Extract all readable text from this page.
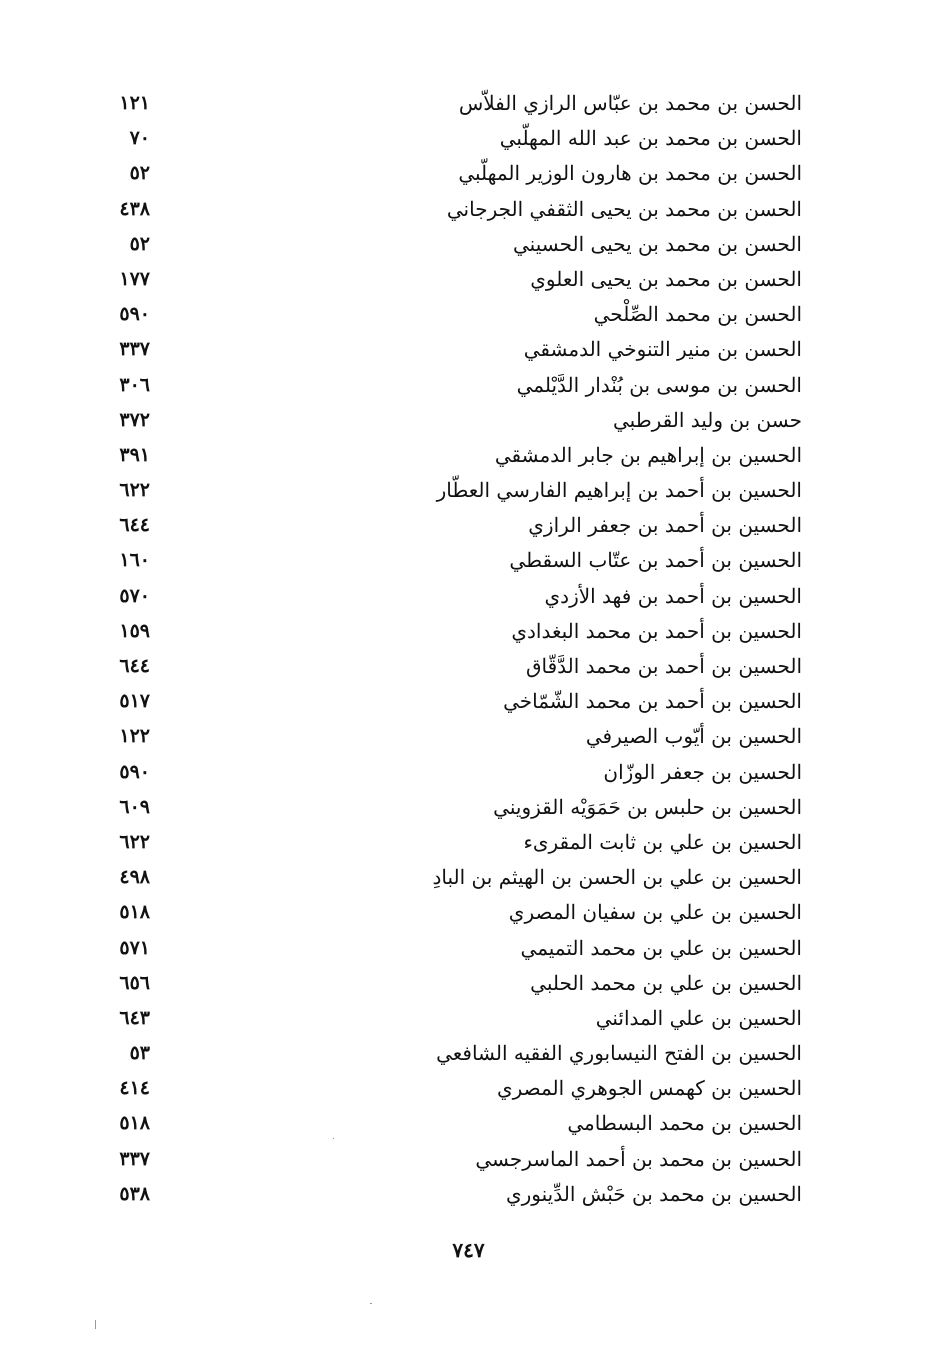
الحسن بن محمد بن عبّاس الرازي الفلاّس
١٢١
الحسن بن محمد بن عبد الله المهلّبي
٧٠
الحسن بن محمد بن هارون الوزير المهلّبي
٥٢
الحسن بن محمد بن يحيى الثقفي الجرجاني
٤٣٨
الحسن بن محمد بن يحيى الحسيني
٥٢
الحسن بن محمد بن يحيى العلوي
١٧٧
الحسن بن محمد الصِّلْحي
٥٩٠
الحسن بن منير التنوخي الدمشقي
٣٣٧
الحسن بن موسى بن بُنْدار الدَّيْلمي
٣٠٦
حسن بن وليد القرطبي
٣٧٢
الحسين بن إبراهيم بن جابر الدمشقي
٣٩١
الحسين بن أحمد بن إبراهيم الفارسي العطّار
٦٢٢
الحسين بن أحمد بن جعفر الرازي
٦٤٤
الحسين بن أحمد بن عتّاب السقطي
١٦٠
الحسين بن أحمد بن فهد الأزدي
٥٧٠
الحسين بن أحمد بن محمد البغدادي
١٥٩
الحسين بن أحمد بن محمد الدَّقّاق
٦٤٤
الحسين بن أحمد بن محمد الشّمّاخي
٥١٧
الحسين بن أيّوب الصيرفي
١٢٢
الحسين بن جعفر الوزّان
٥٩٠
الحسين بن حلبس بن حَمَوَيْه القزويني
٦٠٩
الحسين بن علي بن ثابت المقرىء
٦٢٢
الحسين بن علي بن الحسن بن الهيثم بن البادِ
٤٩٨
الحسين بن علي بن سفيان المصري
٥١٨
الحسين بن علي بن محمد التميمي
٥٧١
الحسين بن علي بن محمد الحلبي
٦٥٦
الحسين بن علي المدائني
٦٤٣
الحسين بن الفتح النيسابوري الفقيه الشافعي
٥٣
الحسين بن كهمس الجوهري المصري
٤١٤
الحسين بن محمد البسطامي
٥١٨
الحسين بن محمد بن أحمد الماسرجسي
٣٣٧
الحسين بن محمد بن حَبْش الدِّينوري
٥٣٨
٧٤٧
